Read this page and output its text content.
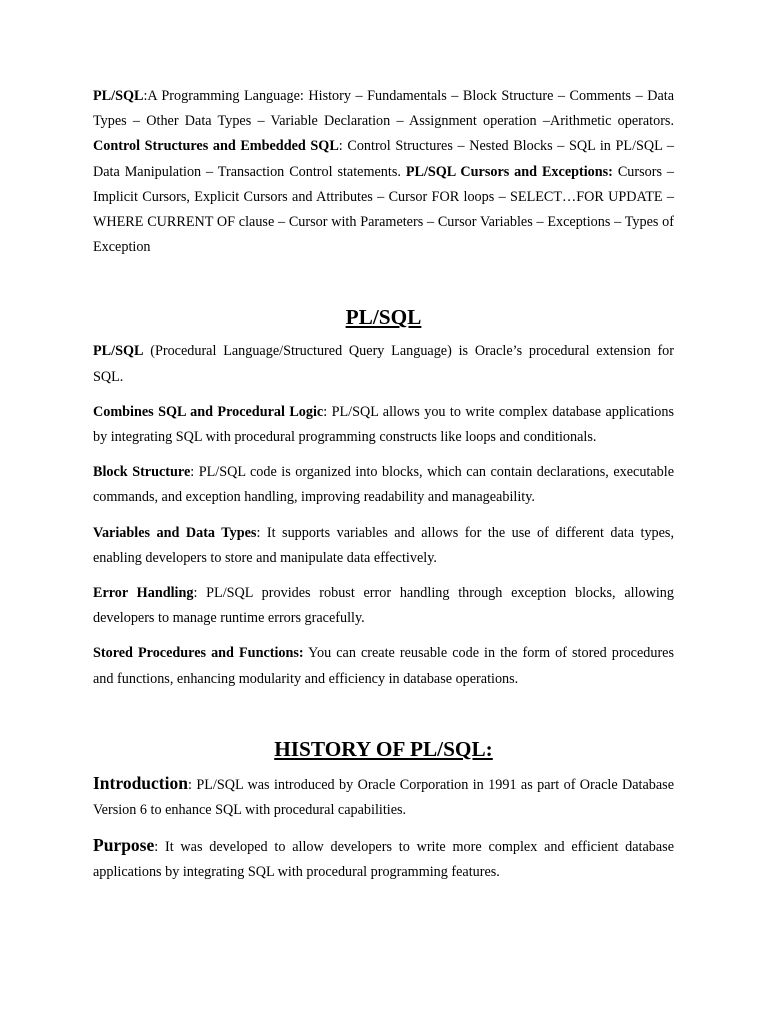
PL/SQL:A Programming Language: History – Fundamentals – Block Structure – Comments – Data Types – Other Data Types – Variable Declaration – Assignment operation –Arithmetic operators. Control Structures and Embedded SQL: Control Structures – Nested Blocks – SQL in PL/SQL – Data Manipulation – Transaction Control statements. PL/SQL Cursors and Exceptions: Cursors – Implicit Cursors, Explicit Cursors and Attributes – Cursor FOR loops – SELECT…FOR UPDATE – WHERE CURRENT OF clause – Cursor with Parameters – Cursor Variables – Exceptions – Types of Exception

PL/SQL

PL/SQL (Procedural Language/Structured Query Language) is Oracle’s procedural extension for SQL.

Combines SQL and Procedural Logic: PL/SQL allows you to write complex database applications by integrating SQL with procedural programming constructs like loops and conditionals.

Block Structure: PL/SQL code is organized into blocks, which can contain declarations, executable commands, and exception handling, improving readability and manageability.

Variables and Data Types: It supports variables and allows for the use of different data types, enabling developers to store and manipulate data effectively.

Error Handling: PL/SQL provides robust error handling through exception blocks, allowing developers to manage runtime errors gracefully.

Stored Procedures and Functions: You can create reusable code in the form of stored procedures and functions, enhancing modularity and efficiency in database operations.

HISTORY OF PL/SQL:

Introduction: PL/SQL was introduced by Oracle Corporation in 1991 as part of Oracle Database Version 6 to enhance SQL with procedural capabilities.

Purpose: It was developed to allow developers to write more complex and efficient database applications by integrating SQL with procedural programming features.
